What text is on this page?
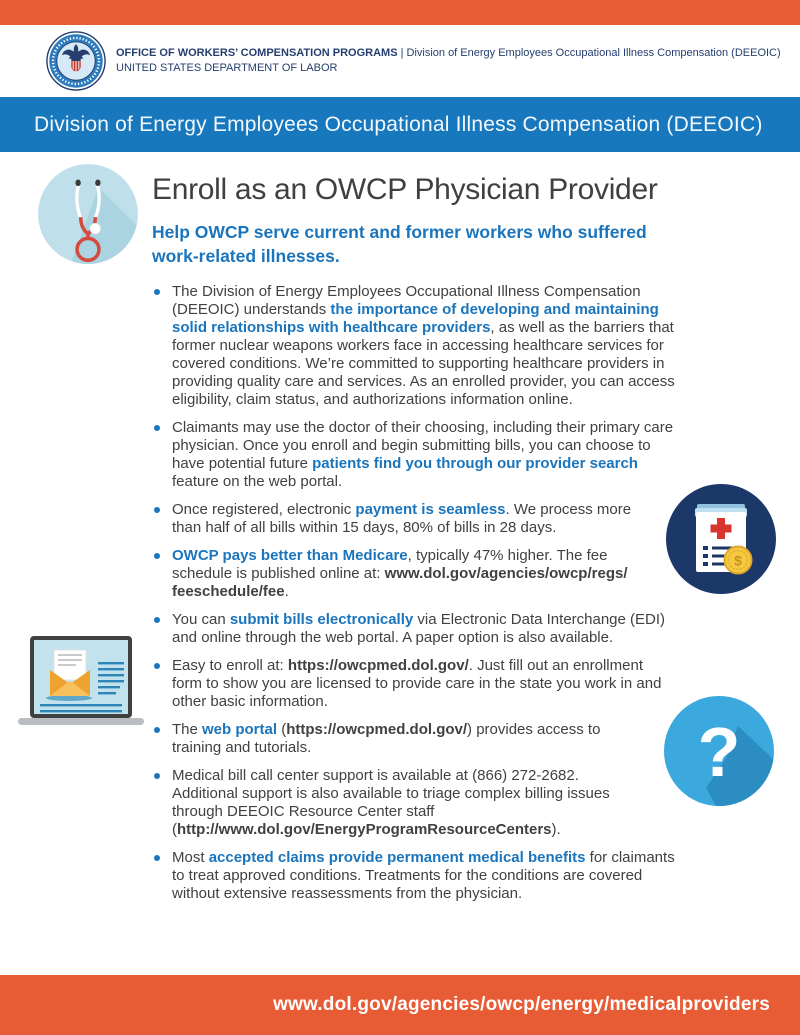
OFFICE OF WORKERS’ COMPENSATION PROGRAMS | Division of Energy Employees Occupational Illness Compensation (DEEOIC)
UNITED STATES DEPARTMENT OF LABOR
Division of Energy Employees Occupational Illness Compensation (DEEOIC)
Enroll as an OWCP Physician Provider
Help OWCP serve current and former workers who suffered work-related illnesses.
The Division of Energy Employees Occupational Illness Compensation (DEEOIC) understands the importance of developing and maintaining solid relationships with healthcare providers, as well as the barriers that former nuclear weapons workers face in accessing healthcare services for covered conditions. We’re committed to supporting healthcare providers in providing quality care and services. As an enrolled provider, you can access eligibility, claim status, and authorizations information online.
Claimants may use the doctor of their choosing, including their primary care physician. Once you enroll and begin submitting bills, you can choose to have potential future patients find you through our provider search feature on the web portal.
$
Once registered, electronic payment is seamless. We process more than half of all bills within 15 days, 80% of bills in 28 days.
OWCP pays better than Medicare, typically 47% higher. The fee schedule is published online at: www.dol.gov/agencies/owcp/regs/feeschedule/fee.
You can submit bills electronically via Electronic Data Interchange (EDI) and online through the web portal. A paper option is also available.
Easy to enroll at: https://owcpmed.dol.gov/. Just fill out an enrollment form to show you are licensed to provide care in the state you work in and other basic information.
?
The web portal (https://owcpmed.dol.gov/) provides access to training and tutorials.
Medical bill call center support is available at (866) 272-2682. Additional support is also available to triage complex billing issues through DEEOIC Resource Center staff (http://www.dol.gov/EnergyProgramResourceCenters).
Most accepted claims provide permanent medical benefits for claimants to treat approved conditions. Treatments for the conditions are covered without extensive reassessments from the physician.
www.dol.gov/agencies/owcp/energy/medicalproviders
